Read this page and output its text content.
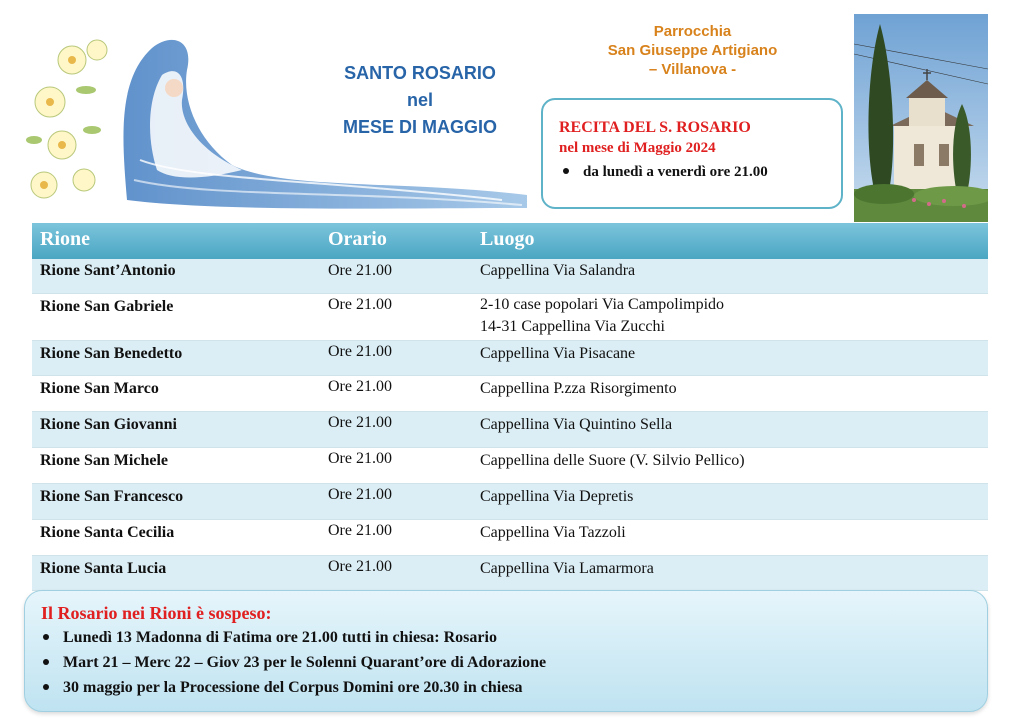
SANTO ROSARIO
nel
MESE DI MAGGIO
Parrocchia
San Giuseppe Artigiano
– Villanova -
RECITA DEL S. ROSARIO
nel mese di Maggio 2024
da lunedì a venerdì ore 21.00
Rione	Orario	Luogo
Rione Sant’Antonio	Ore 21.00	Cappellina Via Salandra
Rione San Gabriele	Ore 21.00	2-10 case popolari Via Campolimpido
14-31 Cappellina Via Zucchi
Rione San Benedetto	Ore 21.00	Cappellina Via Pisacane
Rione San Marco	Ore 21.00	Cappellina P.zza Risorgimento
Rione San Giovanni	Ore 21.00	Cappellina Via Quintino Sella
Rione San Michele	Ore 21.00	Cappellina delle Suore (V. Silvio Pellico)
Rione San Francesco	Ore 21.00	Cappellina Via Depretis
Rione Santa Cecilia	Ore 21.00	Cappellina Via Tazzoli
Rione Santa Lucia	Ore 21.00	Cappellina Via Lamarmora
Il Rosario nei Rioni è sospeso:
Lunedì 13 Madonna di Fatima ore 21.00 tutti in chiesa: Rosario
Mart 21 – Merc 22 – Giov 23 per le Solenni Quarant’ore di Adorazione
30 maggio per la Processione del Corpus Domini ore 20.30 in chiesa
